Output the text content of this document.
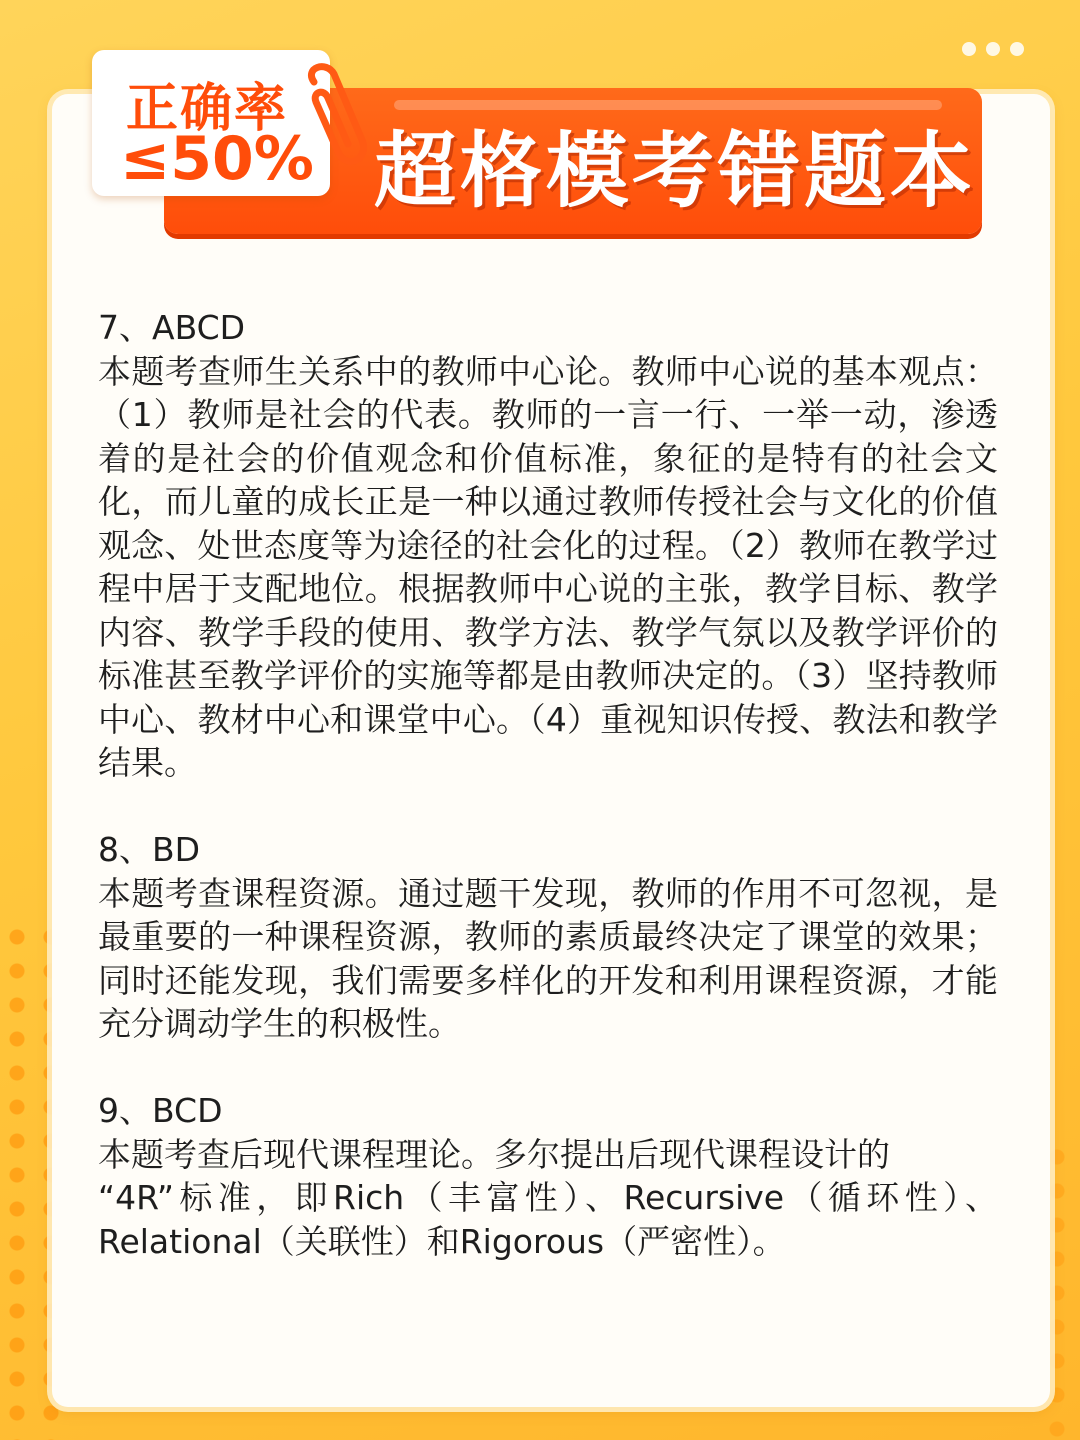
超格模考错题本
正确率
≤50%
7、ABCD
本题考查师生关系中的教师中心论。教师中心说的基本观点：（1）教师是社会的代表。教师的一言一行、一举一动，渗透着的是社会的价值观念和价值标准，象征的是特有的社会文化，而儿童的成长正是一种以通过教师传授社会与文化的价值观念、处世态度等为途径的社会化的过程。（2）教师在教学过程中居于支配地位。根据教师中心说的主张，教学目标、教学内容、教学手段的使用、教学方法、教学气氛以及教学评价的标准甚至教学评价的实施等都是由教师决定的。（3）坚持教师中心、教材中心和课堂中心。（4）重视知识传授、教法和教学结果。
8、BD
本题考查课程资源。通过题干发现，教师的作用不可忽视，是最重要的一种课程资源，教师的素质最终决定了课堂的效果；同时还能发现，我们需要多样化的开发和利用课程资源，才能充分调动学生的积极性。
9、BCD
本题考查后现代课程理论。多尔提出后现代课程设计的
“4R”标准，即Rich（丰富性）、Recursive（循环性）、Relational（关联性）和Rigorous（严密性）。
